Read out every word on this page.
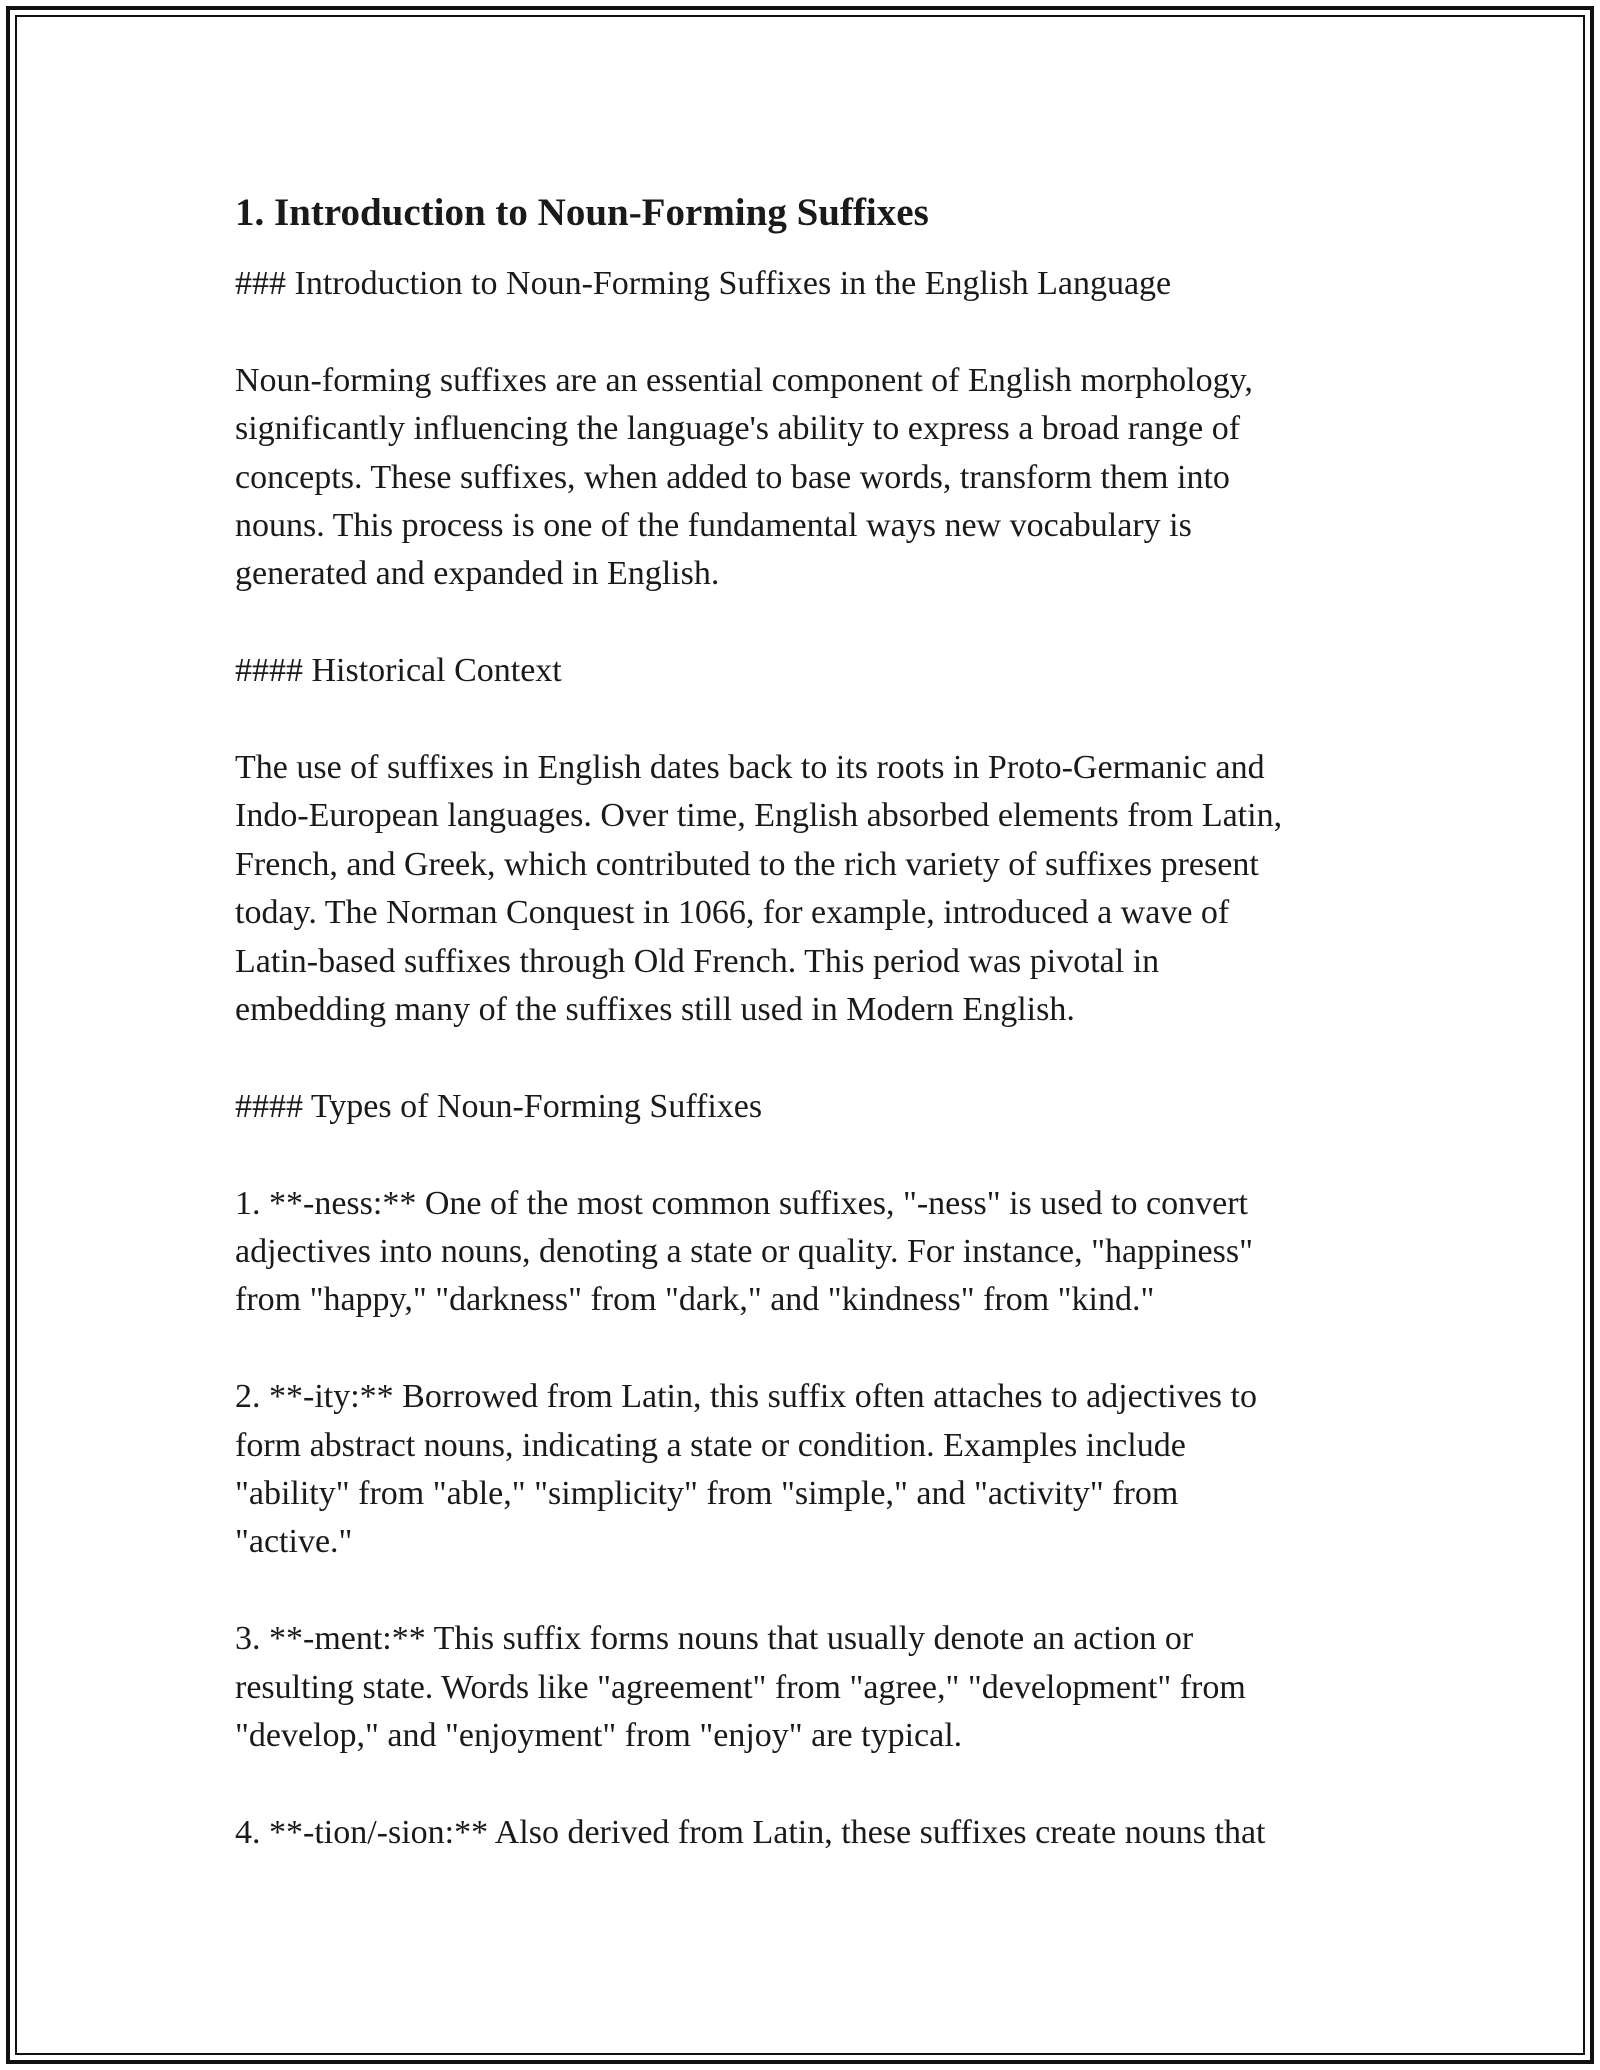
1. Introduction to Noun-Forming Suffixes
### Introduction to Noun-Forming Suffixes in the English Language

Noun-forming suffixes are an essential component of English morphology,
significantly influencing the language's ability to express a broad range of
concepts. These suffixes, when added to base words, transform them into
nouns. This process is one of the fundamental ways new vocabulary is
generated and expanded in English.

#### Historical Context

The use of suffixes in English dates back to its roots in Proto-Germanic and
Indo-European languages. Over time, English absorbed elements from Latin,
French, and Greek, which contributed to the rich variety of suffixes present
today. The Norman Conquest in 1066, for example, introduced a wave of
Latin-based suffixes through Old French. This period was pivotal in
embedding many of the suffixes still used in Modern English.

#### Types of Noun-Forming Suffixes

1. **-ness:** One of the most common suffixes, "-ness" is used to convert
adjectives into nouns, denoting a state or quality. For instance, "happiness"
from "happy," "darkness" from "dark," and "kindness" from "kind."

2. **-ity:** Borrowed from Latin, this suffix often attaches to adjectives to
form abstract nouns, indicating a state or condition. Examples include
"ability" from "able," "simplicity" from "simple," and "activity" from
"active."

3. **-ment:** This suffix forms nouns that usually denote an action or
resulting state. Words like "agreement" from "agree," "development" from
"develop," and "enjoyment" from "enjoy" are typical.

4. **-tion/-sion:** Also derived from Latin, these suffixes create nouns that
